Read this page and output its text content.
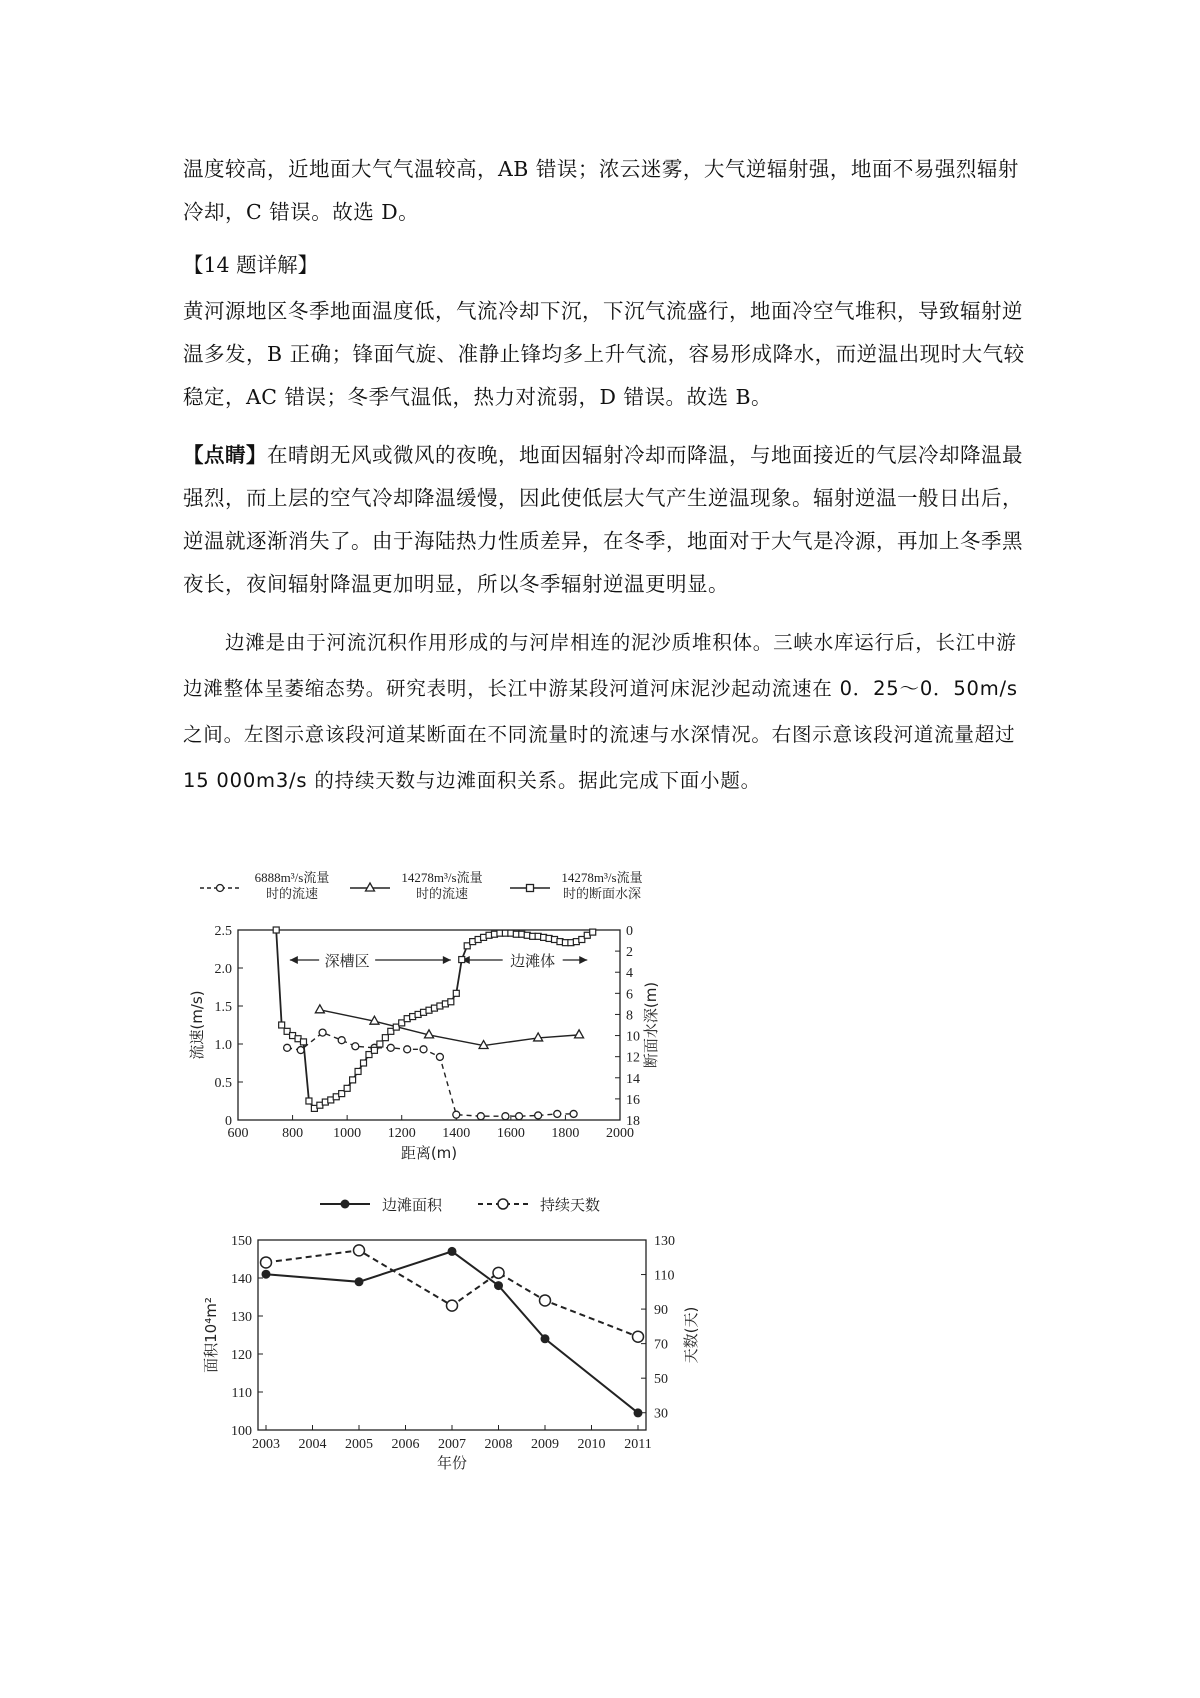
温度较高，近地面大气气温较高，AB 错误；浓云迷雾，大气逆辐射强，地面不易强烈辐射冷却，C 错误。故选 D。

【14 题详解】

黄河源地区冬季地面温度低，气流冷却下沉，下沉气流盛行，地面冷空气堆积，导致辐射逆温多发，B 正确；锋面气旋、准静止锋均多上升气流，容易形成降水，而逆温出现时大气较稳定，AC 错误；冬季气温低，热力对流弱，D 错误。故选 B。

【点睛】在晴朗无风或微风的夜晚，地面因辐射冷却而降温，与地面接近的气层冷却降温最强烈，而上层的空气冷却降温缓慢，因此使低层大气产生逆温现象。辐射逆温一般日出后，逆温就逐渐消失了。由于海陆热力性质差异，在冬季，地面对于大气是冷源，再加上冬季黑夜长，夜间辐射降温更加明显，所以冬季辐射逆温更明显。

边滩是由于河流沉积作用形成的与河岸相连的泥沙质堆积体。三峡水库运行后，长江中游边滩整体呈萎缩态势。研究表明，长江中游某段河道河床泥沙起动流速在 0．25～0．50m/s 之间。左图示意该段河道某断面在不同流量时的流速与水深情况。右图示意该段河道流量超过 15 000m3/s 的持续天数与边滩面积关系。据此完成下面小题。

6888m³/s流量
时的流速
14278m³/s流量
时的流速
14278m³/s流量
时的断面水深
600 800 1000 1200 1400 1600 1800 2000
0
0.5
1.0
1.5
2.0
2.5	0
2
4
6
8
10
12
14
16
18
距离(m)
流速(m/s)	断面水深(m)
深槽区	边滩体
边滩面积	持续天数
2003 2004 2005 2006 2007 2008 2009 2010 2011
100
110
120
130
140
150
30
50
70
90
110
130
年份
面积10⁴m²	天数(天)
